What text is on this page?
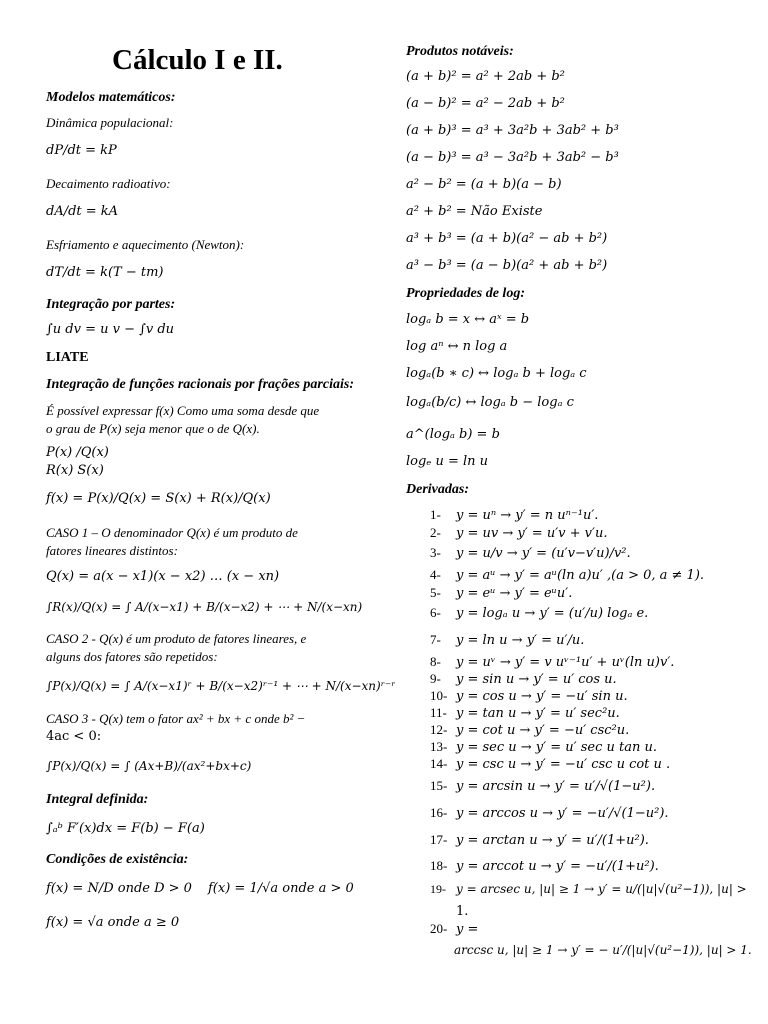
Cálculo I e II.
Modelos matemáticos:
Dinâmica populacional:
dP/dt = kP
Decaimento radioativo:
dA/dt = kA
Esfriamento e aquecimento (Newton):
dT/dt = k(T − tm)
Integração por partes:
∫u dv = u v − ∫v du
LIATE
Integração de funções racionais por frações parciais:
É possível expressar f(x) Como uma soma desde que
o grau de P(x) seja menor que o de Q(x).
P(x) /Q(x)
R(x) S(x)
f(x) = P(x)/Q(x) = S(x) + R(x)/Q(x)
CASO 1 – O denominador Q(x) é um produto de
fatores lineares distintos:
Q(x) = a(x − x1)(x − x2) … (x − xn)
∫R(x)/Q(x) = ∫ A/(x−x1) + B/(x−x2) + ⋯ + N/(x−xn)
CASO 2 - Q(x) é um produto de fatores lineares, e
alguns dos fatores são repetidos:
∫P(x)/Q(x) = ∫ A/(x−x1)ʳ + B/(x−x2)ʳ⁻¹ + ⋯ + N/(x−xn)ʳ⁻ʳ
CASO 3 - Q(x) tem o fator ax² + bx + c onde b² −
4ac < 0:
∫P(x)/Q(x) = ∫ (Ax+B)/(ax²+bx+c)
Integral definida:
∫ₐᵇ F′(x)dx = F(b) − F(a)
Condições de existência:
f(x) = N/D onde D > 0 f(x) = 1/√a onde a > 0
f(x) = √a onde a ≥ 0
Produtos notáveis:
(a + b)² = a² + 2ab + b²
(a − b)² = a² − 2ab + b²
(a + b)³ = a³ + 3a²b + 3ab² + b³
(a − b)³ = a³ − 3a²b + 3ab² − b³
a² − b² = (a + b)(a − b)
a² + b² = Não Existe
a³ + b³ = (a + b)(a² − ab + b²)
a³ − b³ = (a − b)(a² + ab + b²)
Propriedades de log:
logₐ b = x ↔ aˣ = b
log aⁿ ↔ n log a
logₐ(b ∗ c) ↔ logₐ b + logₐ c
logₐ(b/c) ↔ logₐ b − logₐ c
a^(logₐ b) = b
logₑ u = ln u
Derivadas:
1- y = uⁿ → y′ = n uⁿ⁻¹u′.
2- y = uv → y′ = u′v + v′u.
3- y = u/v → y′ = (u′v−v′u)/v².
4- y = aᵘ → y′ = aᵘ(ln a)u′ ,(a > 0, a ≠ 1).
5- y = eᵘ → y′ = eᵘu′.
6- y = logₐ u → y′ = (u′/u) logₐ e.
7- y = ln u → y′ = u′/u.
8- y = uᵛ → y′ = v uᵛ⁻¹u′ + uᵛ(ln u)v′.
9- y = sin u → y′ = u′ cos u.
10- y = cos u → y′ = −u′ sin u.
11- y = tan u → y′ = u′ sec²u.
12- y = cot u → y′ = −u′ csc²u.
13- y = sec u → y′ = u′ sec u tan u.
14- y = csc u → y′ = −u′ csc u cot u .
15- y = arcsin u → y′ = u′/√(1−u²).
16- y = arccos u → y′ = −u′/√(1−u²).
17- y = arctan u → y′ = u′/(1+u²).
18- y = arccot u → y′ = −u′/(1+u²).
19- y = arcsec u, |u| ≥ 1 → y′ = u/(|u|√(u²−1)), |u| >
1.
20- y =
arccsc u, |u| ≥ 1 → y′ = − u′/(|u|√(u²−1)), |u| > 1.
